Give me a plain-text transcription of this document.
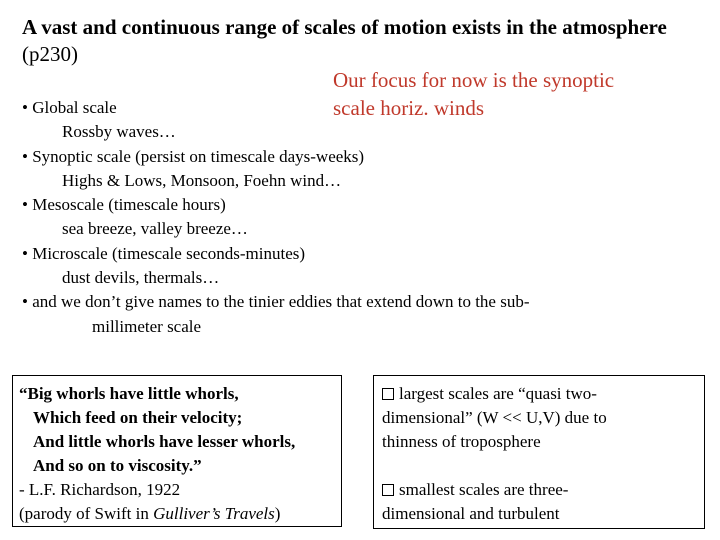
A vast and continuous range of scales of motion exists in the atmosphere (p230)
Our focus for now is the synoptic
scale horiz. winds
• Global scale
Rossby waves…
• Synoptic scale (persist on timescale days-weeks)
Highs & Lows, Monsoon, Foehn wind…
• Mesoscale (timescale hours)
sea breeze, valley breeze…
• Microscale (timescale seconds-minutes)
dust devils, thermals…
• and we don’t give names to the tinier eddies that extend down to the sub-
millimeter scale
“Big whorls have little whorls,
Which feed on their velocity;
And little whorls have lesser whorls,
And so on to viscosity.”
- L.F. Richardson, 1922
(parody of Swift in Gulliver’s Travels)
largest scales are “quasi two-
dimensional” (W << U,V) due to
thinness of troposphere
smallest scales are three-
dimensional and turbulent
